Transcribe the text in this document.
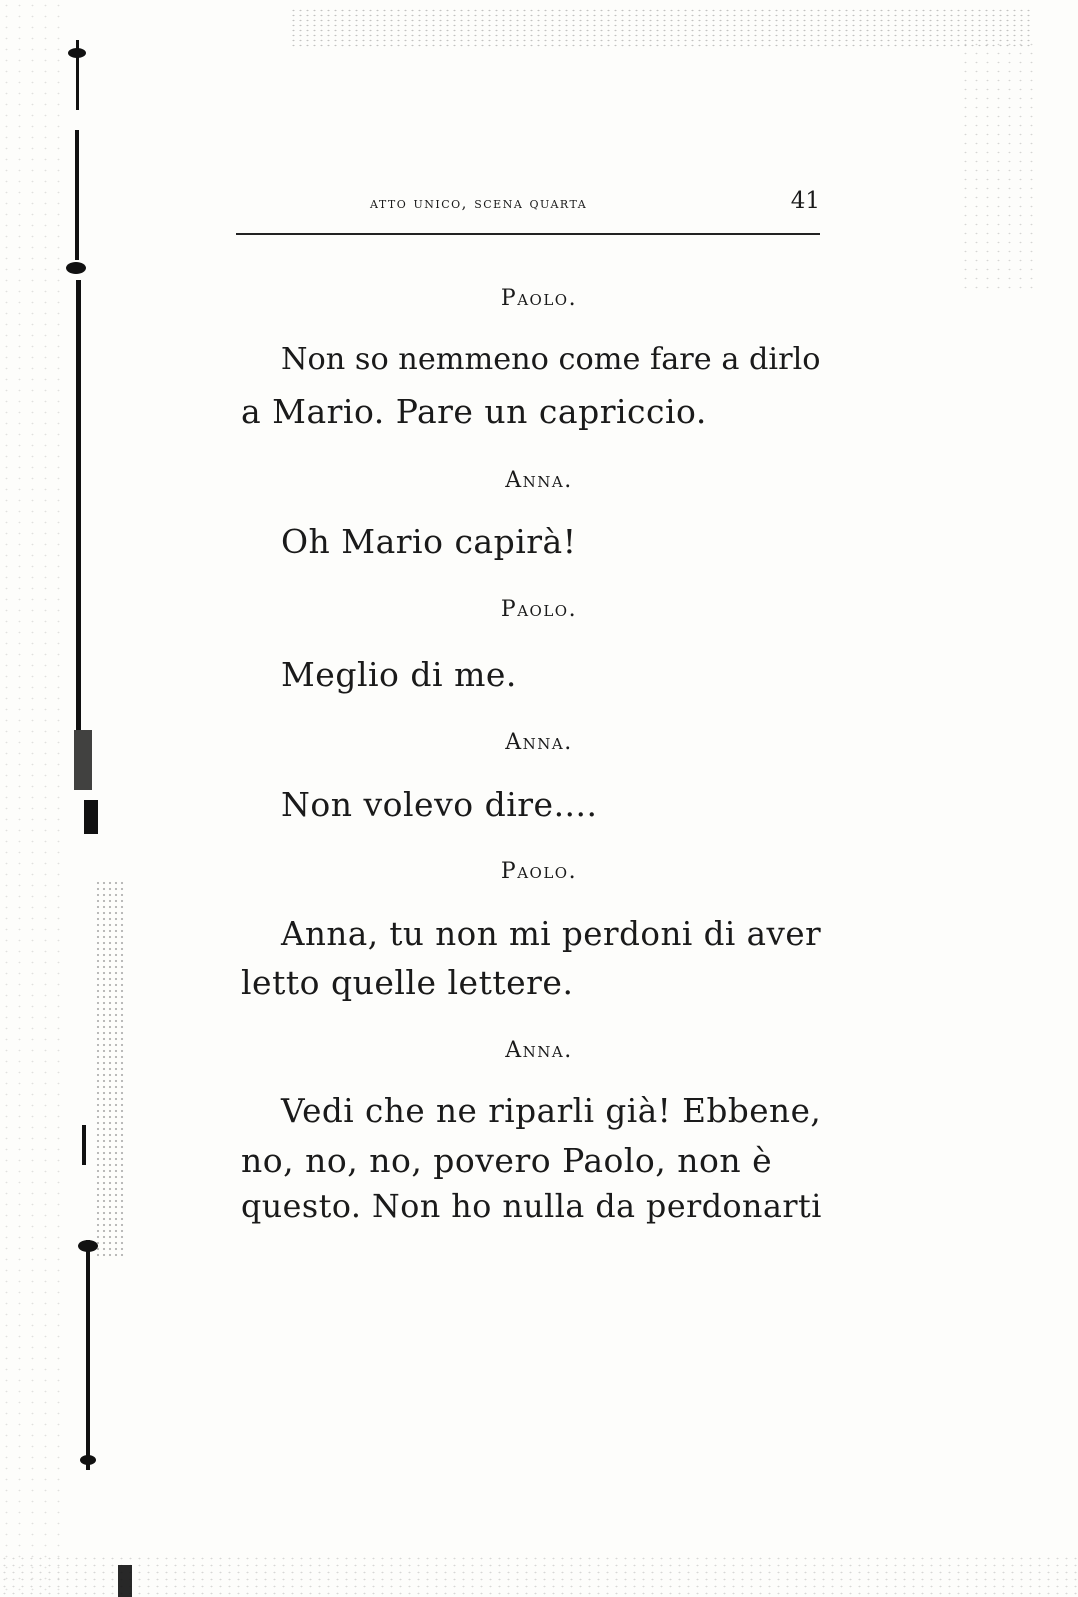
atto unico, scena quarta	41
Paolo.
Non so nemmeno come fare a dirlo
a Mario. Pare un capriccio.
Anna.
Oh Mario capirà!
Paolo.
Meglio di me.
Anna.
Non volevo dire....
Paolo.
Anna, tu non mi perdoni di aver
letto quelle lettere.
Anna.
Vedi che ne riparli già! Ebbene,
no, no, no, povero Paolo, non è
questo. Non ho nulla da perdonarti
